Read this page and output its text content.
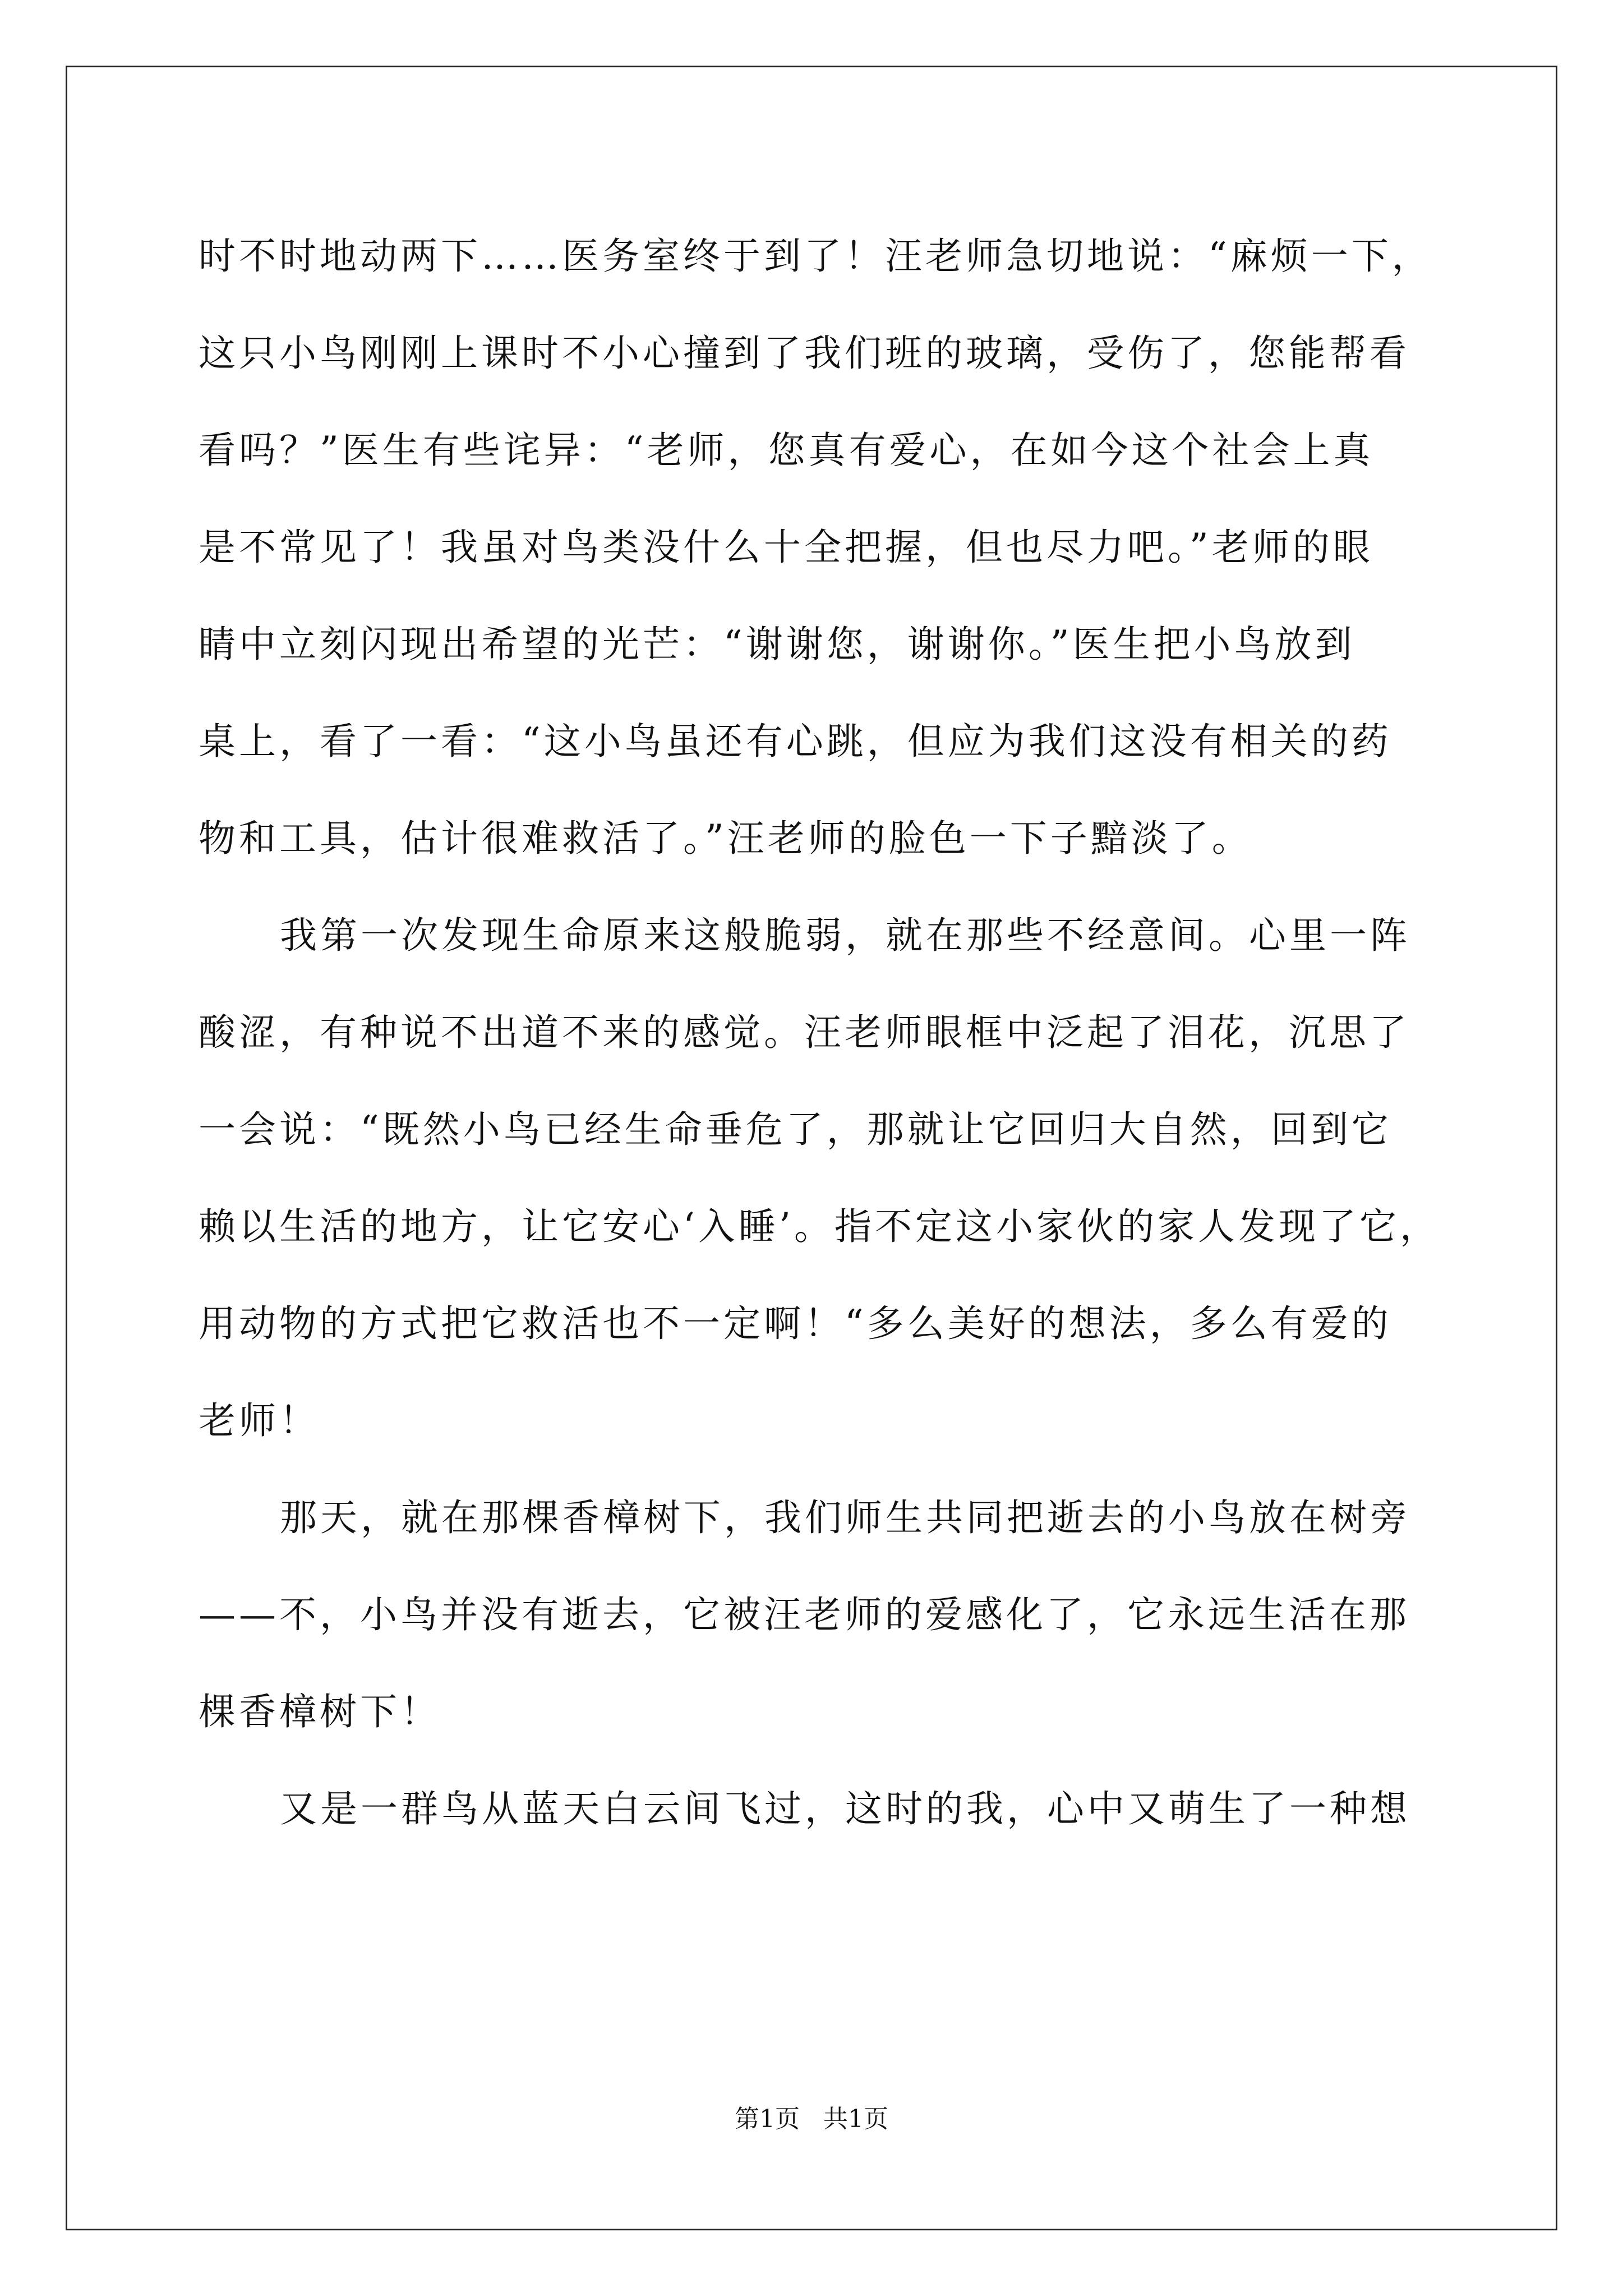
时不时地动两下……医务室终于到了！汪老师急切地说：“麻烦一下，
这只小鸟刚刚上课时不小心撞到了我们班的玻璃，受伤了，您能帮看
看吗？”医生有些诧异：“老师，您真有爱心，在如今这个社会上真
是不常见了！我虽对鸟类没什么十全把握，但也尽力吧。”老师的眼
睛中立刻闪现出希望的光芒：“谢谢您，谢谢你。”医生把小鸟放到
桌上，看了一看：“这小鸟虽还有心跳，但应为我们这没有相关的药
物和工具，估计很难救活了。”汪老师的脸色一下子黯淡了。
我第一次发现生命原来这般脆弱，就在那些不经意间。心里一阵
酸涩，有种说不出道不来的感觉。汪老师眼框中泛起了泪花，沉思了
一会说：“既然小鸟已经生命垂危了，那就让它回归大自然，回到它
赖以生活的地方，让它安心‘入睡’。指不定这小家伙的家人发现了它，
用动物的方式把它救活也不一定啊！“多么美好的想法，多么有爱的
老师！
那天，就在那棵香樟树下，我们师生共同把逝去的小鸟放在树旁
——不，小鸟并没有逝去，它被汪老师的爱感化了，它永远生活在那
棵香樟树下！
又是一群鸟从蓝天白云间飞过，这时的我，心中又萌生了一种想
第1页   共1页
